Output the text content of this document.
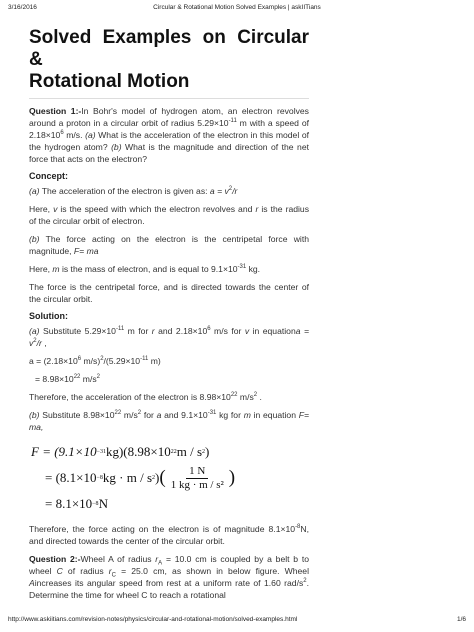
3/16/2016	Circular & Rotational Motion Solved Examples | askIITians
Solved Examples on Circular &
Rotational Motion

Question 1:-In Bohr's model of hydrogen atom, an electron revolves around a proton in a circular orbit of radius $5.29\times 10^{-11}$ m with a speed of $2.18\times 10^6$ m/s. (a) What is the acceleration of the electron in this model of the hydrogen atom? (b) What is the magnitude and direction of the net force that acts on the electron?

Concept:

(a) The acceleration of the electron is given as: $a = v^2/r$

Here, v is the speed with which the electron revolves and r is the radius of the circular orbit of electron.

(b) The force acting on the electron is the centripetal force with magnitude, F= ma

Here, m is the mass of electron, and is equal to $9.1\times 10^{-31}$ kg.

The force is the centripetal force, and is directed towards the center of the circular orbit.

Solution:

(a) Substitute $5.29\times 10^{-11}$ m for r and $2.18\times 10^6$ m/s for v in equationa = $v^2/r$ ,

$a = (2.18\times 10^6$ $m/s)^2/(5.29\times 10^{-11}$ m)

= $8.98\times 10^{22}$ $m/s^2$

Therefore, the acceleration of the electron is $8.98\times 10^{22}$ $m/s^2$ .

(b) Substitute $8.98\times 10^{22}$ $m/s^2$ for a and $9.1\times 10^{-31}$ kg for m in equation F= ma,

F = (9.1×10 −31 kg)(8.98×10 22 m / s 2 )
= (8.1×10 −8 kg · m / s 2 ) ( $\frac{1 N}{\text{1 kg · m / s²}}$ )
= 8.1×10 −8 N

Therefore, the force acting on the electron is of magnitude $8.1\times 10^{-8}N$, and directed towards the center of the circular orbit.

Question 2:-Wheel A of radius $r_A = 10.0$ cm is coupled by a belt b to wheel C of radius $r_C = 25.0$ cm, as shown in below figure. Wheel Aincreases its angular speed from rest at a uniform rate of 1.60 rad/$s^2$. Determine the time for wheel C to reach a rotational

http://www.askiitians.com/revision-notes/physics/circular-and-rotational-motion/solved-examples.html	1/6
